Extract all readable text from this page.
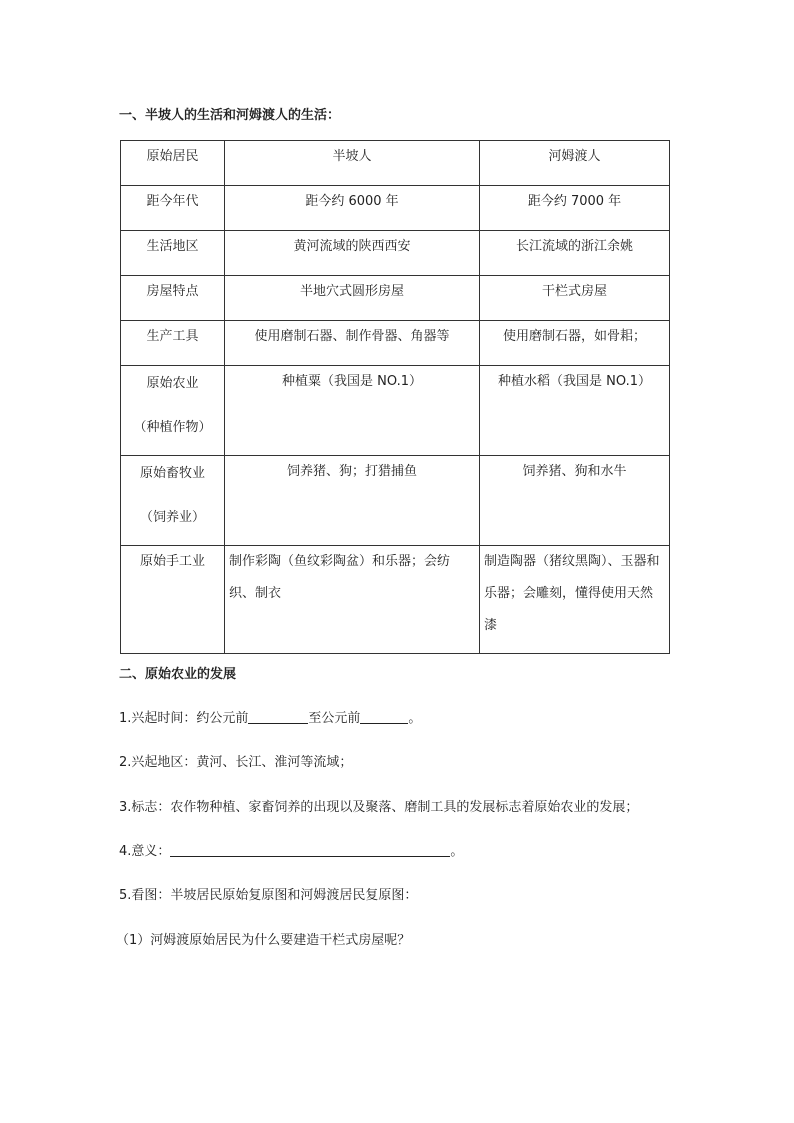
一、半坡人的生活和河姆渡人的生活：
原始居民	半坡人	河姆渡人
距今年代	距今约 6000 年	距今约 7000 年
生活地区	黄河流域的陕西西安	长江流域的浙江余姚
房屋特点	半地穴式圆形房屋	干栏式房屋
生产工具	使用磨制石器、制作骨器、角器等	使用磨制石器，如骨耜；

原始农业
（种植作物）	种植粟（我国是 NO.1）	种植水稻（我国是 NO.1）

原始畜牧业
（饲养业）	饲养猪、狗；打猎捕鱼	饲养猪、狗和水牛
原始手工业	制作彩陶（鱼纹彩陶盆）和乐器；会纺织、制衣	制造陶器（猪纹黑陶）、玉器和乐器；会雕刻，懂得使用天然漆
二、原始农业的发展
1.兴起时间：约公元前	至公元前	。
2.兴起地区：黄河、长江、淮河等流域；
3.标志：农作物种植、家畜饲养的出现以及聚落、磨制工具的发展标志着原始农业的发展；
4.意义：	。
5.看图：半坡居民原始复原图和河姆渡居民复原图：
（1）河姆渡原始居民为什么要建造干栏式房屋呢？
